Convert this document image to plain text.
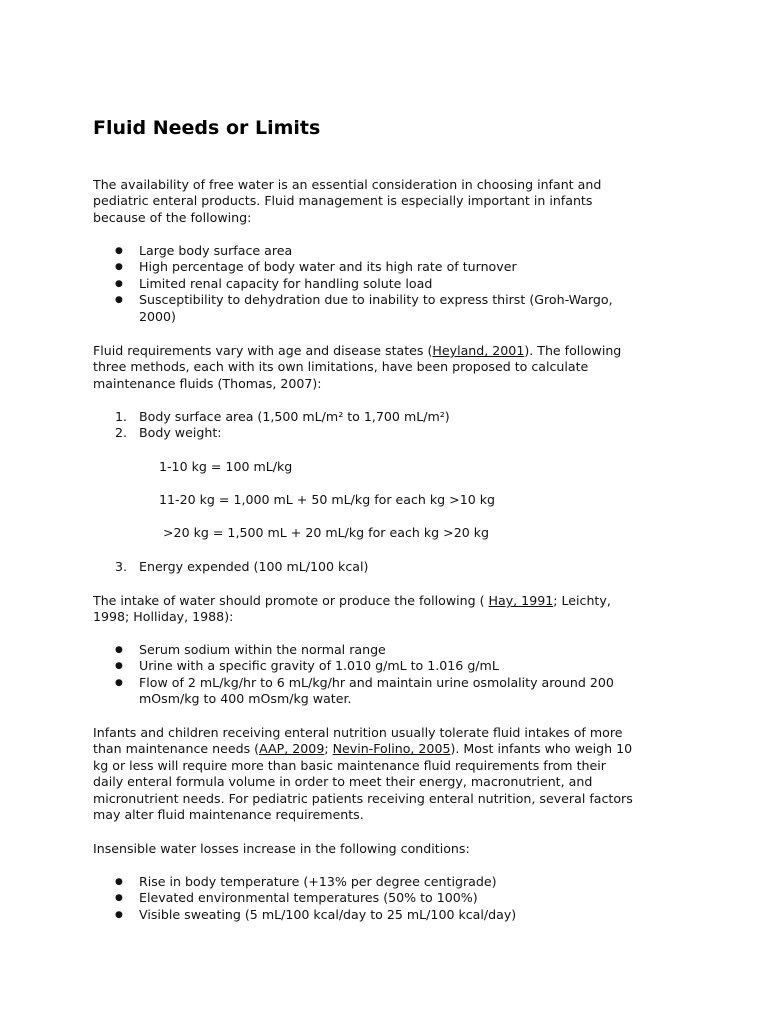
Fluid Needs or Limits
The availability of free water is an essential consideration in choosing infant and
pediatric enteral products. Fluid management is especially important in infants
because of the following:
● Large body surface area
● High percentage of body water and its high rate of turnover
● Limited renal capacity for handling solute load
● Susceptibility to dehydration due to inability to express thirst (Groh-Wargo,
2000)
Fluid requirements vary with age and disease states (Heyland, 2001). The following
three methods, each with its own limitations, have been proposed to calculate
maintenance fluids (Thomas, 2007):
1. Body surface area (1,500 mL/m² to 1,700 mL/m²)
2. Body weight:
1-10 kg = 100 mL/kg
11-20 kg = 1,000 mL + 50 mL/kg for each kg >10 kg
>20 kg = 1,500 mL + 20 mL/kg for each kg >20 kg
3. Energy expended (100 mL/100 kcal)
The intake of water should promote or produce the following ( Hay, 1991; Leichty,
1998; Holliday, 1988):
● Serum sodium within the normal range
● Urine with a specific gravity of 1.010 g/mL to 1.016 g/mL
● Flow of 2 mL/kg/hr to 6 mL/kg/hr and maintain urine osmolality around 200
mOsm/kg to 400 mOsm/kg water.
Infants and children receiving enteral nutrition usually tolerate fluid intakes of more
than maintenance needs (AAP, 2009; Nevin-Folino, 2005). Most infants who weigh 10
kg or less will require more than basic maintenance fluid requirements from their
daily enteral formula volume in order to meet their energy, macronutrient, and
micronutrient needs. For pediatric patients receiving enteral nutrition, several factors
may alter fluid maintenance requirements.
Insensible water losses increase in the following conditions:
● Rise in body temperature (+13% per degree centigrade)
● Elevated environmental temperatures (50% to 100%)
● Visible sweating (5 mL/100 kcal/day to 25 mL/100 kcal/day)
